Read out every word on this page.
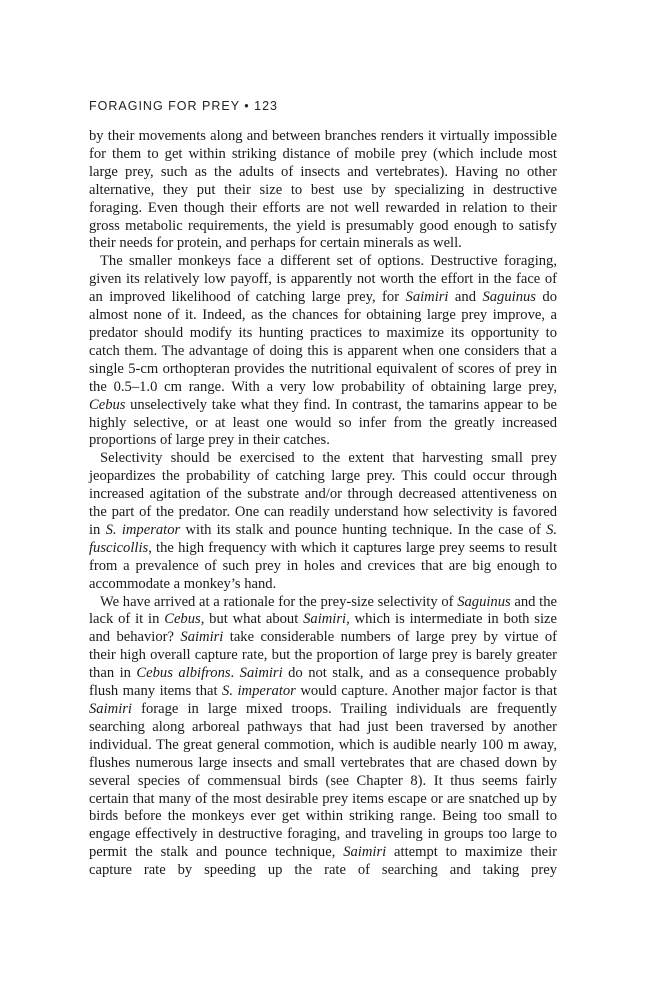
FORAGING FOR PREY • 123

by their movements along and between branches renders it virtually impossible for them to get within striking distance of mobile prey (which include most large prey, such as the adults of insects and vertebrates). Having no other alternative, they put their size to best use by specializing in destructive foraging. Even though their efforts are not well rewarded in relation to their gross metabolic requirements, the yield is presumably good enough to satisfy their needs for protein, and perhaps for certain minerals as well.

The smaller monkeys face a different set of options. Destructive foraging, given its relatively low payoff, is apparently not worth the effort in the face of an improved likelihood of catching large prey, for Saimiri and Saguinus do almost none of it. Indeed, as the chances for obtaining large prey improve, a predator should modify its hunting practices to maximize its opportunity to catch them. The advantage of doing this is apparent when one considers that a single 5-cm orthopteran provides the nutritional equivalent of scores of prey in the 0.5–1.0 cm range. With a very low probability of obtaining large prey, Cebus unselectively take what they find. In contrast, the tamarins appear to be highly selective, or at least one would so infer from the greatly increased proportions of large prey in their catches.

Selectivity should be exercised to the extent that harvesting small prey jeopardizes the probability of catching large prey. This could occur through increased agitation of the substrate and/or through decreased attentiveness on the part of the predator. One can readily understand how selectivity is favored in S. imperator with its stalk and pounce hunting technique. In the case of S. fuscicollis, the high frequency with which it captures large prey seems to result from a prevalence of such prey in holes and crevices that are big enough to accommodate a monkey’s hand.

We have arrived at a rationale for the prey-size selectivity of Saguinus and the lack of it in Cebus, but what about Saimiri, which is intermediate in both size and behavior? Saimiri take considerable numbers of large prey by virtue of their high overall capture rate, but the proportion of large prey is barely greater than in Cebus albifrons. Saimiri do not stalk, and as a consequence probably flush many items that S. imperator would capture. Another major factor is that Saimiri forage in large mixed troops. Trailing individuals are frequently searching along arboreal pathways that had just been traversed by another individual. The great general commotion, which is audible nearly 100 m away, flushes numerous large insects and small vertebrates that are chased down by several species of commensual birds (see Chapter 8). It thus seems fairly certain that many of the most desirable prey items escape or are snatched up by birds before the monkeys ever get within striking range. Being too small to engage effectively in destructive foraging, and traveling in groups too large to permit the stalk and pounce technique, Saimiri attempt to maximize their capture rate by speeding up the rate of searching and taking prey
